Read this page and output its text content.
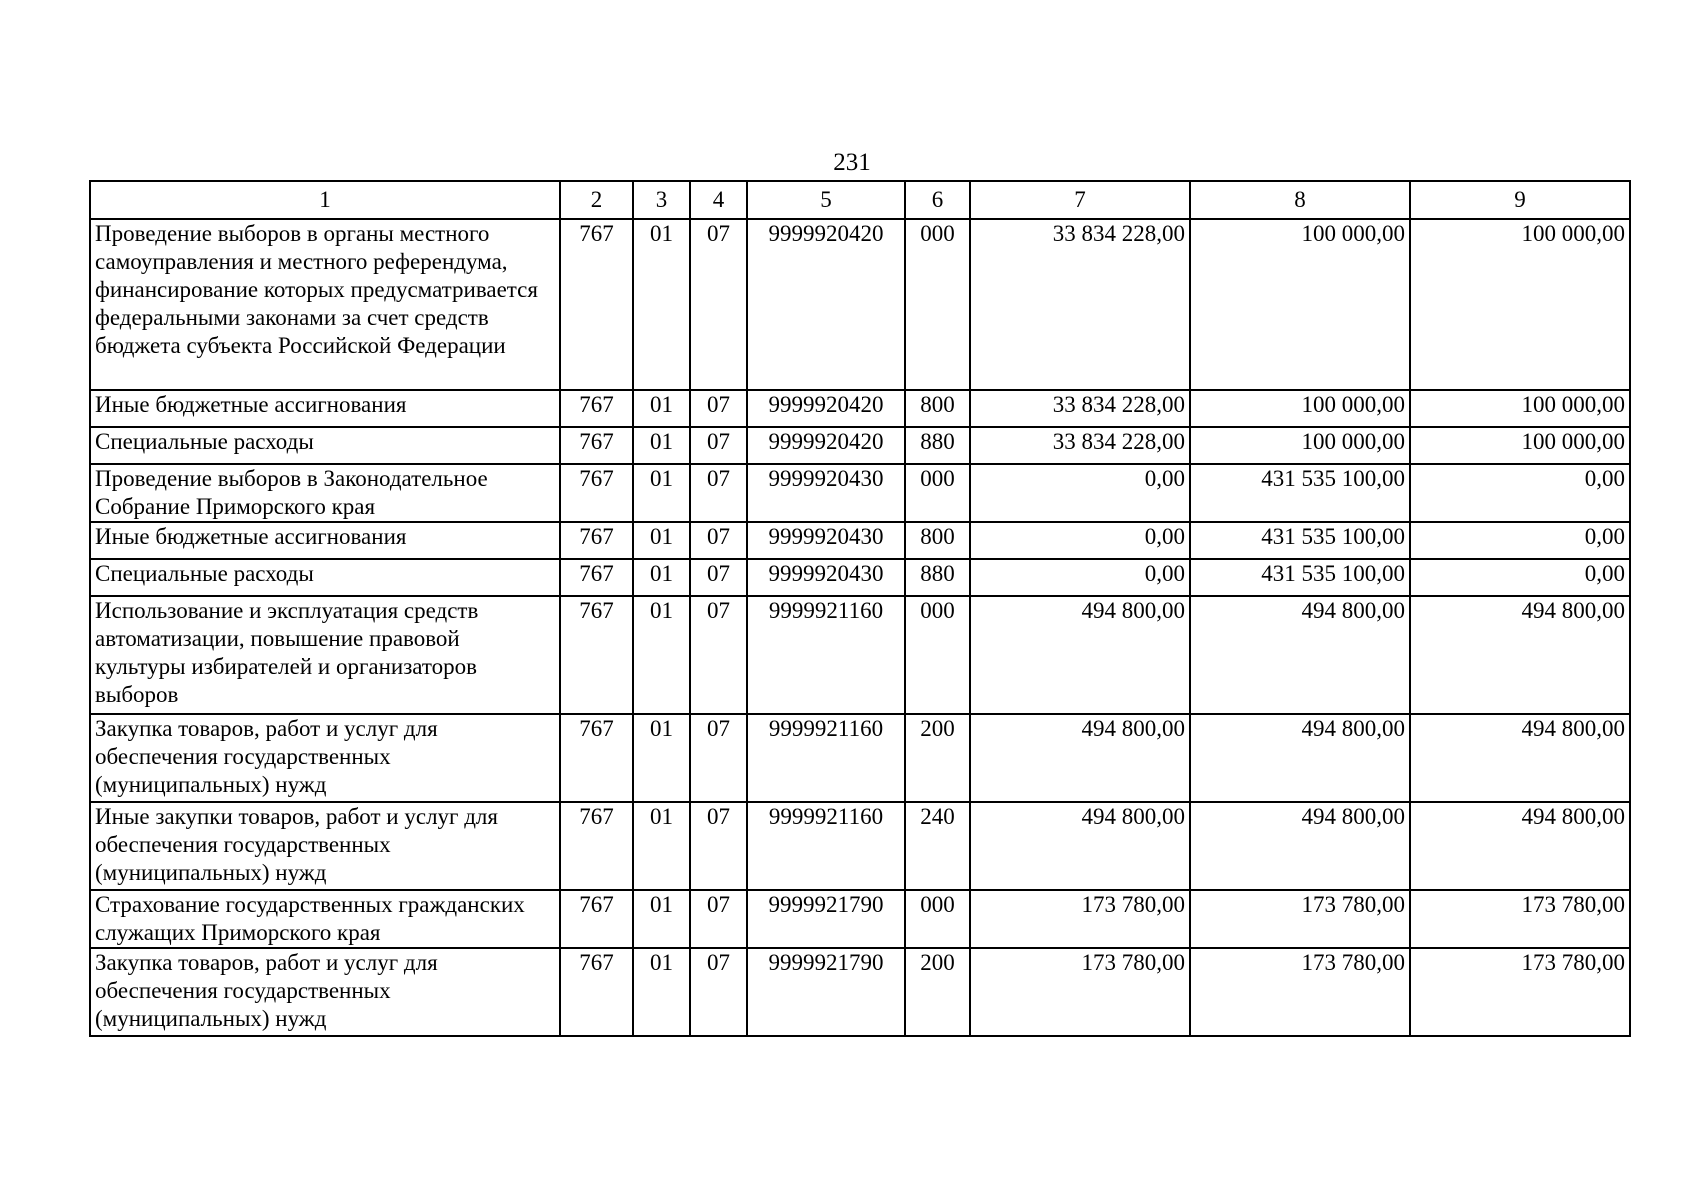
231
1	2	3	4	5	6	7	8	9
Проведение выборов в органы местного самоуправления и местного референдума, финансирование которых предусматривается федеральными законами за счет средств бюджета субъекта Российской Федерации	767	01	07	9999920420	000	33 834 228,00	100 000,00	100 000,00
Иные бюджетные ассигнования	767	01	07	9999920420	800	33 834 228,00	100 000,00	100 000,00
Специальные расходы	767	01	07	9999920420	880	33 834 228,00	100 000,00	100 000,00
Проведение выборов в Законодательное Собрание Приморского края	767	01	07	9999920430	000	0,00	431 535 100,00	0,00
Иные бюджетные ассигнования	767	01	07	9999920430	800	0,00	431 535 100,00	0,00
Специальные расходы	767	01	07	9999920430	880	0,00	431 535 100,00	0,00
Использование и эксплуатация средств автоматизации, повышение правовой культуры избирателей и организаторов выборов	767	01	07	9999921160	000	494 800,00	494 800,00	494 800,00
Закупка товаров, работ и услуг для обеспечения государственных (муниципальных) нужд	767	01	07	9999921160	200	494 800,00	494 800,00	494 800,00
Иные закупки товаров, работ и услуг для обеспечения государственных (муниципальных) нужд	767	01	07	9999921160	240	494 800,00	494 800,00	494 800,00
Страхование государственных гражданских служащих Приморского края	767	01	07	9999921790	000	173 780,00	173 780,00	173 780,00
Закупка товаров, работ и услуг для обеспечения государственных (муниципальных) нужд	767	01	07	9999921790	200	173 780,00	173 780,00	173 780,00
